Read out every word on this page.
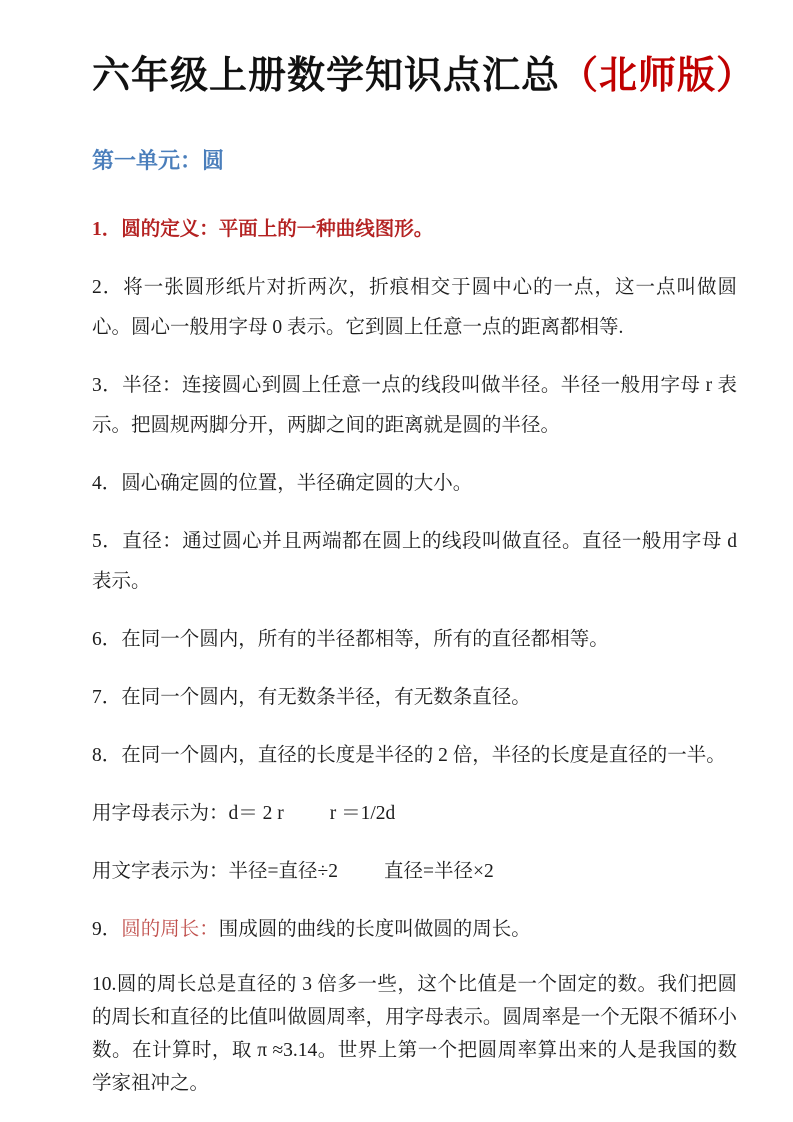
六年级上册数学知识点汇总（北师版）
第一单元：圆

1．圆的定义：平面上的一种曲线图形。

2．将一张圆形纸片对折两次，折痕相交于圆中心的一点，这一点叫做圆心。圆心一般用字母 0 表示。它到圆上任意一点的距离都相等.

3．半径：连接圆心到圆上任意一点的线段叫做半径。半径一般用字母 r 表示。把圆规两脚分开，两脚之间的距离就是圆的半径。

4．圆心确定圆的位置，半径确定圆的大小。

5．直径：通过圆心并且两端都在圆上的线段叫做直径。直径一般用字母 d 表示。

6．在同一个圆内，所有的半径都相等，所有的直径都相等。

7．在同一个圆内，有无数条半径，有无数条直径。

8．在同一个圆内，直径的长度是半径的 2 倍，半径的长度是直径的一半。

用字母表示为：d＝ 2 r r ＝1/2d

用文字表示为：半径=直径÷2 直径=半径×2

9．圆的周长：围成圆的曲线的长度叫做圆的周长。

10.圆的周长总是直径的 3 倍多一些，这个比值是一个固定的数。我们把圆的周长和直径的比值叫做圆周率，用字母表示。圆周率是一个无限不循环小数。在计算时，取 π ≈3.14。世界上第一个把圆周率算出来的人是我国的数学家祖冲之。
